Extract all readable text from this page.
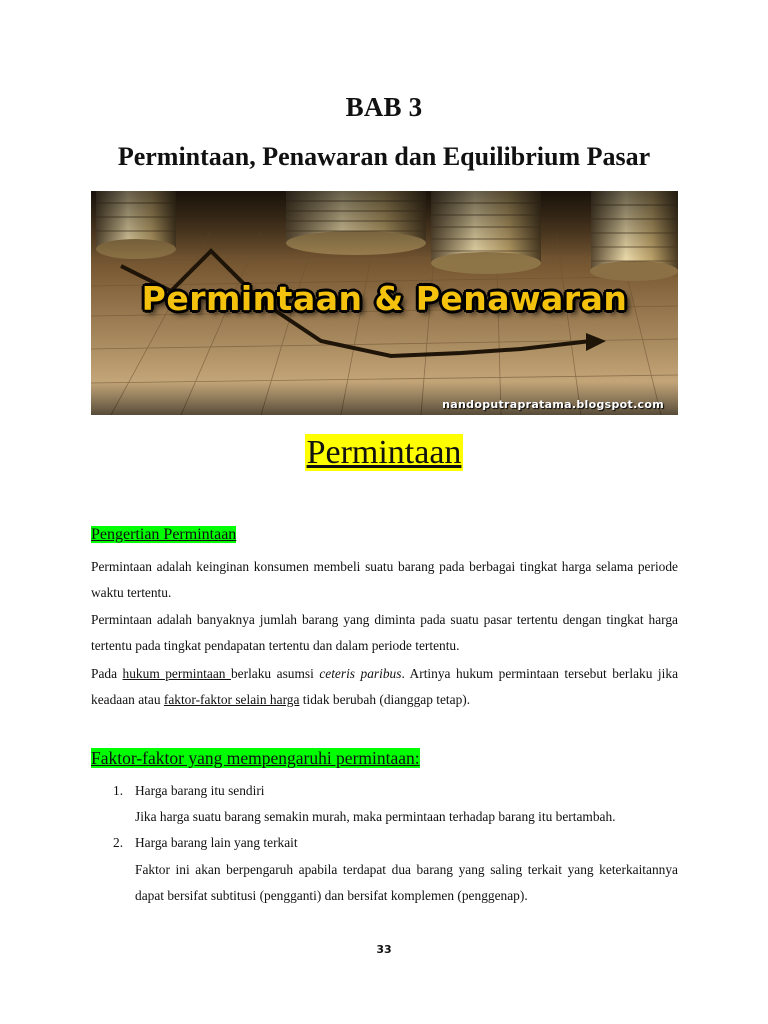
BAB 3
Permintaan, Penawaran dan Equilibrium Pasar
Permintaan & Penawaran
nandoputrapratama.blogspot.com
Permintaan
Pengertian Permintaan
Permintaan adalah keinginan konsumen membeli suatu barang pada berbagai tingkat harga selama periode waktu tertentu.
Permintaan adalah banyaknya jumlah barang yang diminta pada suatu pasar tertentu dengan tingkat harga tertentu pada tingkat pendapatan tertentu dan dalam periode tertentu.
Pada hukum permintaan berlaku asumsi ceteris paribus. Artinya hukum permintaan tersebut berlaku jika keadaan atau faktor-faktor selain harga tidak berubah (dianggap tetap).
Faktor-faktor yang mempengaruhi permintaan:
1. Harga barang itu sendiri
Jika harga suatu barang semakin murah, maka permintaan terhadap barang itu bertambah.
2. Harga barang lain yang terkait
Faktor ini akan berpengaruh apabila terdapat dua barang yang saling terkait yang keterkaitannya dapat bersifat subtitusi (pengganti) dan bersifat komplemen (penggenap).
33
